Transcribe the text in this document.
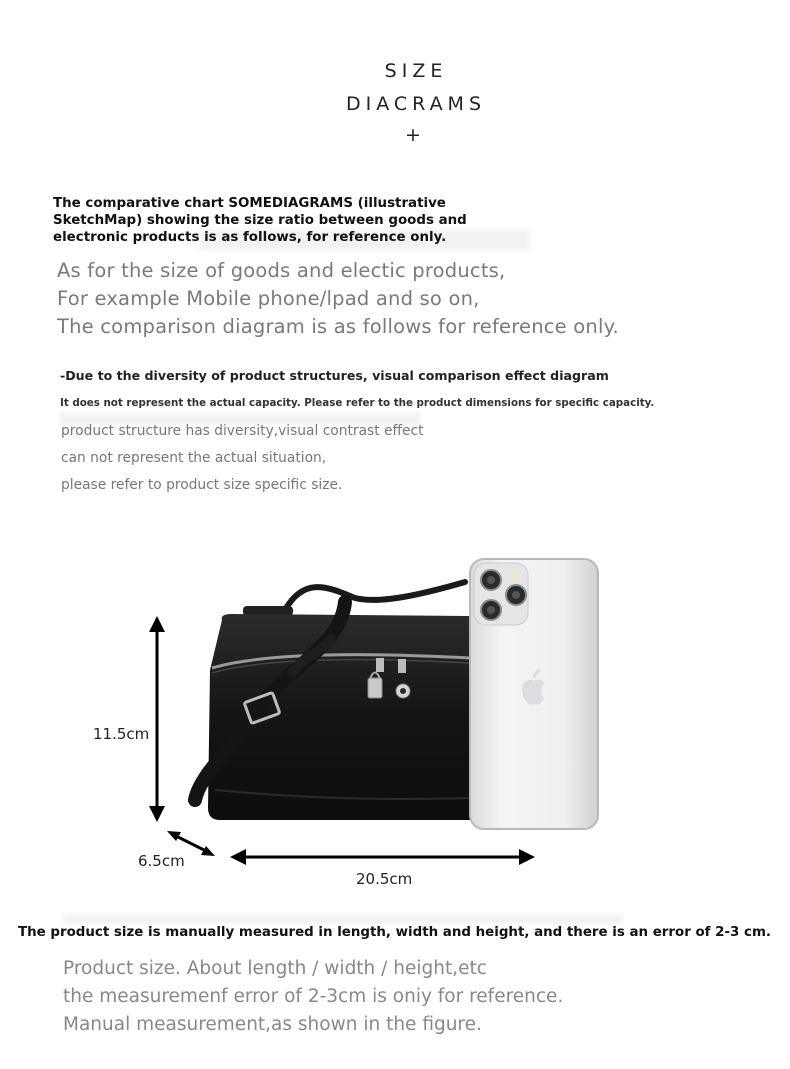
SIZE
DIACRAMS
+
The comparative chart SOMEDIAGRAMS (illustrative SketchMap) showing the size ratio between goods and electronic products is as follows, for reference only.
As for the size of goods and electic products,
For example Mobile phone/lpad and so on,
The comparison diagram is as follows for reference only.
-Due to the diversity of product structures, visual comparison effect diagram
It does not represent the actual capacity. Please refer to the product dimensions for specific capacity.
product structure has diversity,visual contrast effect
can not represent the actual situation,
please refer to product size specific size.
11.5cm
6.5cm
20.5cm
The product size is manually measured in length, width and height, and there is an error of 2-3 cm.
Product size. About length / width / height,etc
the measuremenf error of 2-3cm is oniy for reference.
Manual measurement,as shown in the figure.
